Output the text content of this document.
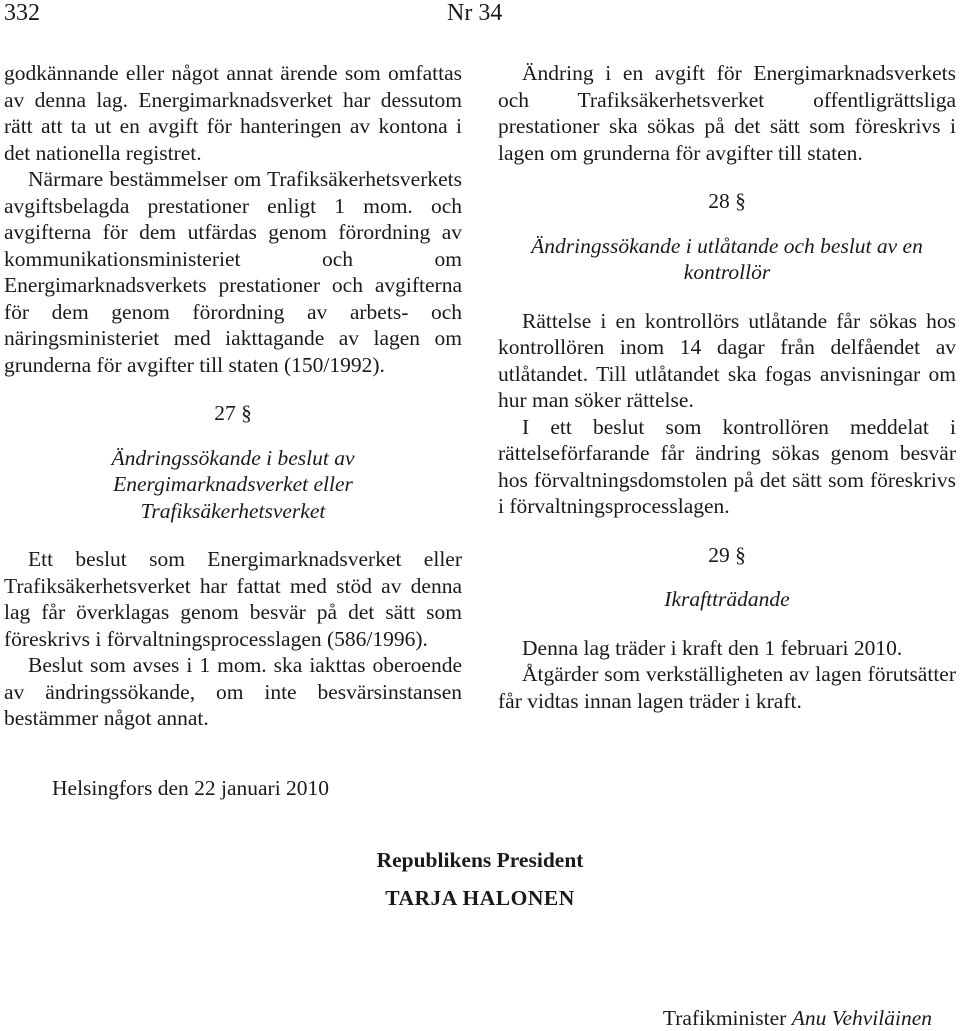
332	Nr 34

godkännande eller något annat ärende som omfattas av denna lag. Energimarknadsverket har dessutom rätt att ta ut en avgift för hanteringen av kontona i det nationella registret.

Närmare bestämmelser om Trafiksäkerhetsverkets avgiftsbelagda prestationer enligt 1 mom. och avgifterna för dem utfärdas genom förordning av kommunikationsministeriet och om Energimarknadsverkets prestationer och avgifterna för dem genom förordning av arbets- och näringsministeriet med iakttagande av lagen om grunderna för avgifter till staten (150/1992).

27 §
Ändringssökande i beslut av Energimarknadsverket eller Trafiksäkerhetsverket

Ett beslut som Energimarknadsverket eller Trafiksäkerhetsverket har fattat med stöd av denna lag får överklagas genom besvär på det sätt som föreskrivs i förvaltningsprocesslagen (586/1996).

Beslut som avses i 1 mom. ska iakttas oberoende av ändringssökande, om inte besvärsinstansen bestämmer något annat.

Ändring i en avgift för Energimarknadsverkets och Trafiksäkerhetsverket offentligrättsliga prestationer ska sökas på det sätt som föreskrivs i lagen om grunderna för avgifter till staten.

28 §
Ändringssökande i utlåtande och beslut av en kontrollör

Rättelse i en kontrollörs utlåtande får sökas hos kontrollören inom 14 dagar från delfåendet av utlåtandet. Till utlåtandet ska fogas anvisningar om hur man söker rättelse.

I ett beslut som kontrollören meddelat i rättelseförfarande får ändring sökas genom besvär hos förvaltningsdomstolen på det sätt som föreskrivs i förvaltningsprocesslagen.

29 §
Ikraftträdande

Denna lag träder i kraft den 1 februari 2010.

Åtgärder som verkställigheten av lagen förutsätter får vidtas innan lagen träder i kraft.

Helsingfors den 22 januari 2010
Republikens President
TARJA HALONEN
Trafikminister Anu Vehviläinen
